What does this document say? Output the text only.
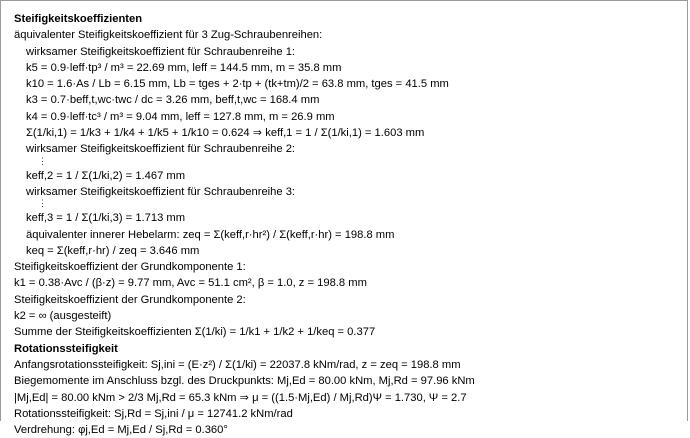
Steifigkeitskoeffizienten
äquivalenter Steifigkeitskoeffizient für 3 Zug-Schraubenreihen:
wirksamer Steifigkeitskoeffizient für Schraubenreihe 1:
k5 = 0.9·leff·tp³ / m³ = 22.69 mm, leff = 144.5 mm, m = 35.8 mm
k10 = 1.6·As / Lb = 6.15 mm, Lb = tges + 2·tp + (tk+tm)/2 = 63.8 mm, tges = 41.5 mm
k3 = 0.7·beff,t,wc·twc / dc = 3.26 mm, beff,t,wc = 168.4 mm
k4 = 0.9·leff·tc³ / m³ = 9.04 mm, leff = 127.8 mm, m = 26.9 mm
Σ(1/ki,1) = 1/k3 + 1/k4 + 1/k5 + 1/k10 = 0.624 ⇒ keff,1 = 1 / Σ(1/ki,1) = 1.603 mm
wirksamer Steifigkeitskoeffizient für Schraubenreihe 2:
⋮
keff,2 = 1 / Σ(1/ki,2) = 1.467 mm
wirksamer Steifigkeitskoeffizient für Schraubenreihe 3:
⋮
keff,3 = 1 / Σ(1/ki,3) = 1.713 mm
äquivalenter innerer Hebelarm: zeq = Σ(keff,r·hr²) / Σ(keff,r·hr) = 198.8 mm
keq = Σ(keff,r·hr) / zeq = 3.646 mm
Steifigkeitskoeffizient der Grundkomponente 1:
k1 = 0.38·Avc / (β·z) = 9.77 mm, Avc = 51.1 cm², β = 1.0, z = 198.8 mm
Steifigkeitskoeffizient der Grundkomponente 2:
k2 = ∞ (ausgesteift)
Summe der Steifigkeitskoeffizienten Σ(1/ki) = 1/k1 + 1/k2 + 1/keq = 0.377
Rotationssteifigkeit
Anfangsrotationssteifigkeit: Sj,ini = (E·z²) / Σ(1/ki) = 22037.8 kNm/rad, z = zeq = 198.8 mm
Biegemomente im Anschluss bzgl. des Druckpunkts: Mj,Ed = 80.00 kNm, Mj,Rd = 97.96 kNm
|Mj,Ed| = 80.00 kNm > 2/3 Mj,Rd = 65.3 kNm ⇒ μ = ((1.5·Mj,Ed) / Mj,Rd)Ψ = 1.730, Ψ = 2.7
Rotationssteifigkeit: Sj,Rd = Sj,ini / μ = 12741.2 kNm/rad
Verdrehung: φj,Ed = Mj,Ed / Sj,Rd = 0.360°
